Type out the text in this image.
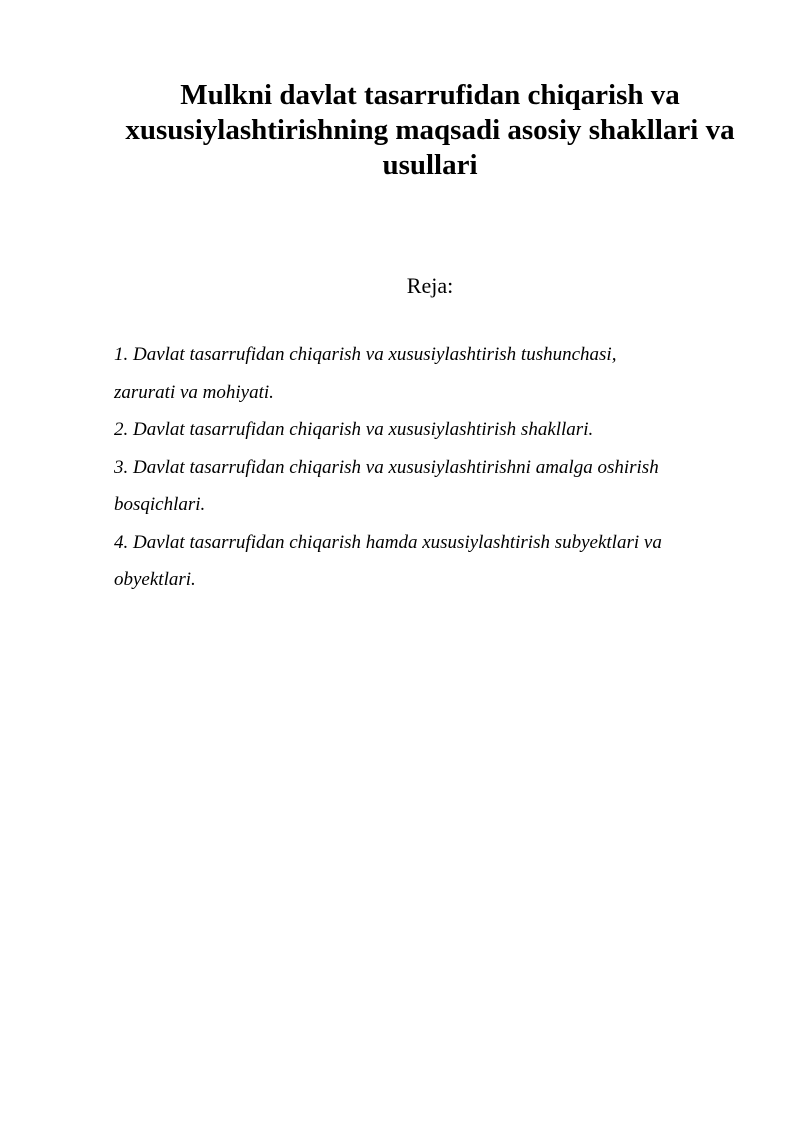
Mulkni davlat tasarrufidan chiqarish va
xususiylashtirishning maqsadi asosiy shakllari va
usullari
Reja:
1. Davlat tasarrufidan chiqarish va xususiylashtirish tushunchasi,
zarurati va mohiyati.
2. Davlat tasarrufidan chiqarish va xususiylashtirish shakllari.
3. Davlat tasarrufidan chiqarish va xususiylashtirishni amalga oshirish
bosqichlari.
4. Davlat tasarrufidan chiqarish hamda xususiylashtirish subyektlari va
obyektlari.
